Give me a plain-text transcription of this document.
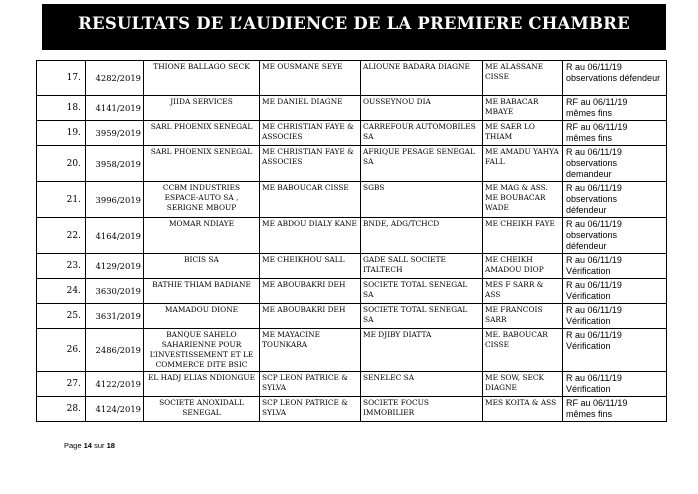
RESULTATS DE L’AUDIENCE DE LA PREMIERE CHAMBRE
17.	4282/2019	THIONE BALLAGO SECK	ME OUSMANE SEYE	ALIOUNE BADARA DIAGNE	ME ALASSANE CISSE	R au 06/11/19
observations défendeur

18.	4141/2019	JIIDA SERVICES	ME DANIEL DIAGNE	OUSSEYNOU DIA	ME BABACAR MBAYE	RF au 06/11/19
mêmes fins

19.	3959/2019	SARL PHOENIX SENEGAL	ME CHRISTIAN FAYE & ASSOCIES	CARREFOUR AUTOMOBILES SA	ME SAER LO THIAM	RF au 06/11/19
mêmes fins

20.	3958/2019	SARL PHOENIX SENEGAL	ME CHRISTIAN FAYE & ASSOCIES	AFRIQUE PESAGE SENEGAL SA	ME AMADU YAHYA FALL	R au 06/11/19
observations
demandeur

21.	3996/2019	CCBM INDUSTRIES ESPACE-AUTO SA , SERIGNE MBOUP	ME BABOUCAR CISSE	SGBS	ME MAG & ASS. ME BOUBACAR WADE	R au 06/11/19
observations
défendeur

22.	4164/2019	MOMAR NDIAYE	ME ABDOU DIALY KANE	BNDE, ADG/TCHCD	ME CHEIKH FAYE	R au 06/11/19
observations
défendeur

23.	4129/2019	BICIS SA	ME CHEIKHOU SALL	GADE SALL SOCIETE ITALTECH	ME CHEIKH AMADOU DIOP	R au 06/11/19
Vérification

24.	3630/2019	BATHIE THIAM BADIANE	ME ABOUBAKRI DEH	SOCIETE TOTAL SENEGAL SA	MES F SARR & ASS	R au 06/11/19
Vérification

25.	3631/2019	MAMADOU DIONE	ME ABOUBAKRI DEH	SOCIETE TOTAL SENEGAL SA	ME FRANCOIS SARR	R au 06/11/19
Vérification

26.	2486/2019	BANQUE SAHELO SAHARIENNE POUR L’INVESTISSEMENT ET LE COMMERCE DITE BSIC	ME MAYACINE TOUNKARA	ME DJIBY DIATTA	ME. BABOUCAR CISSE	R au 06/11/19
Vérification

27.	4122/2019	EL HADJ ELIAS NDIONGUE	SCP LEON PATRICE & SYLVA	SENELEC SA	ME SOW, SECK DIAGNE	R au 06/11/19
Vérification

28.	4124/2019	SOCIETE ANOXIDALL SENEGAL	SCP LEON PATRICE & SYLVA	SOCIETE FOCUS IMMOBILIER	MES KOITA & ASS	RF au 06/11/19
mêmes fins
Page 14 sur 18
